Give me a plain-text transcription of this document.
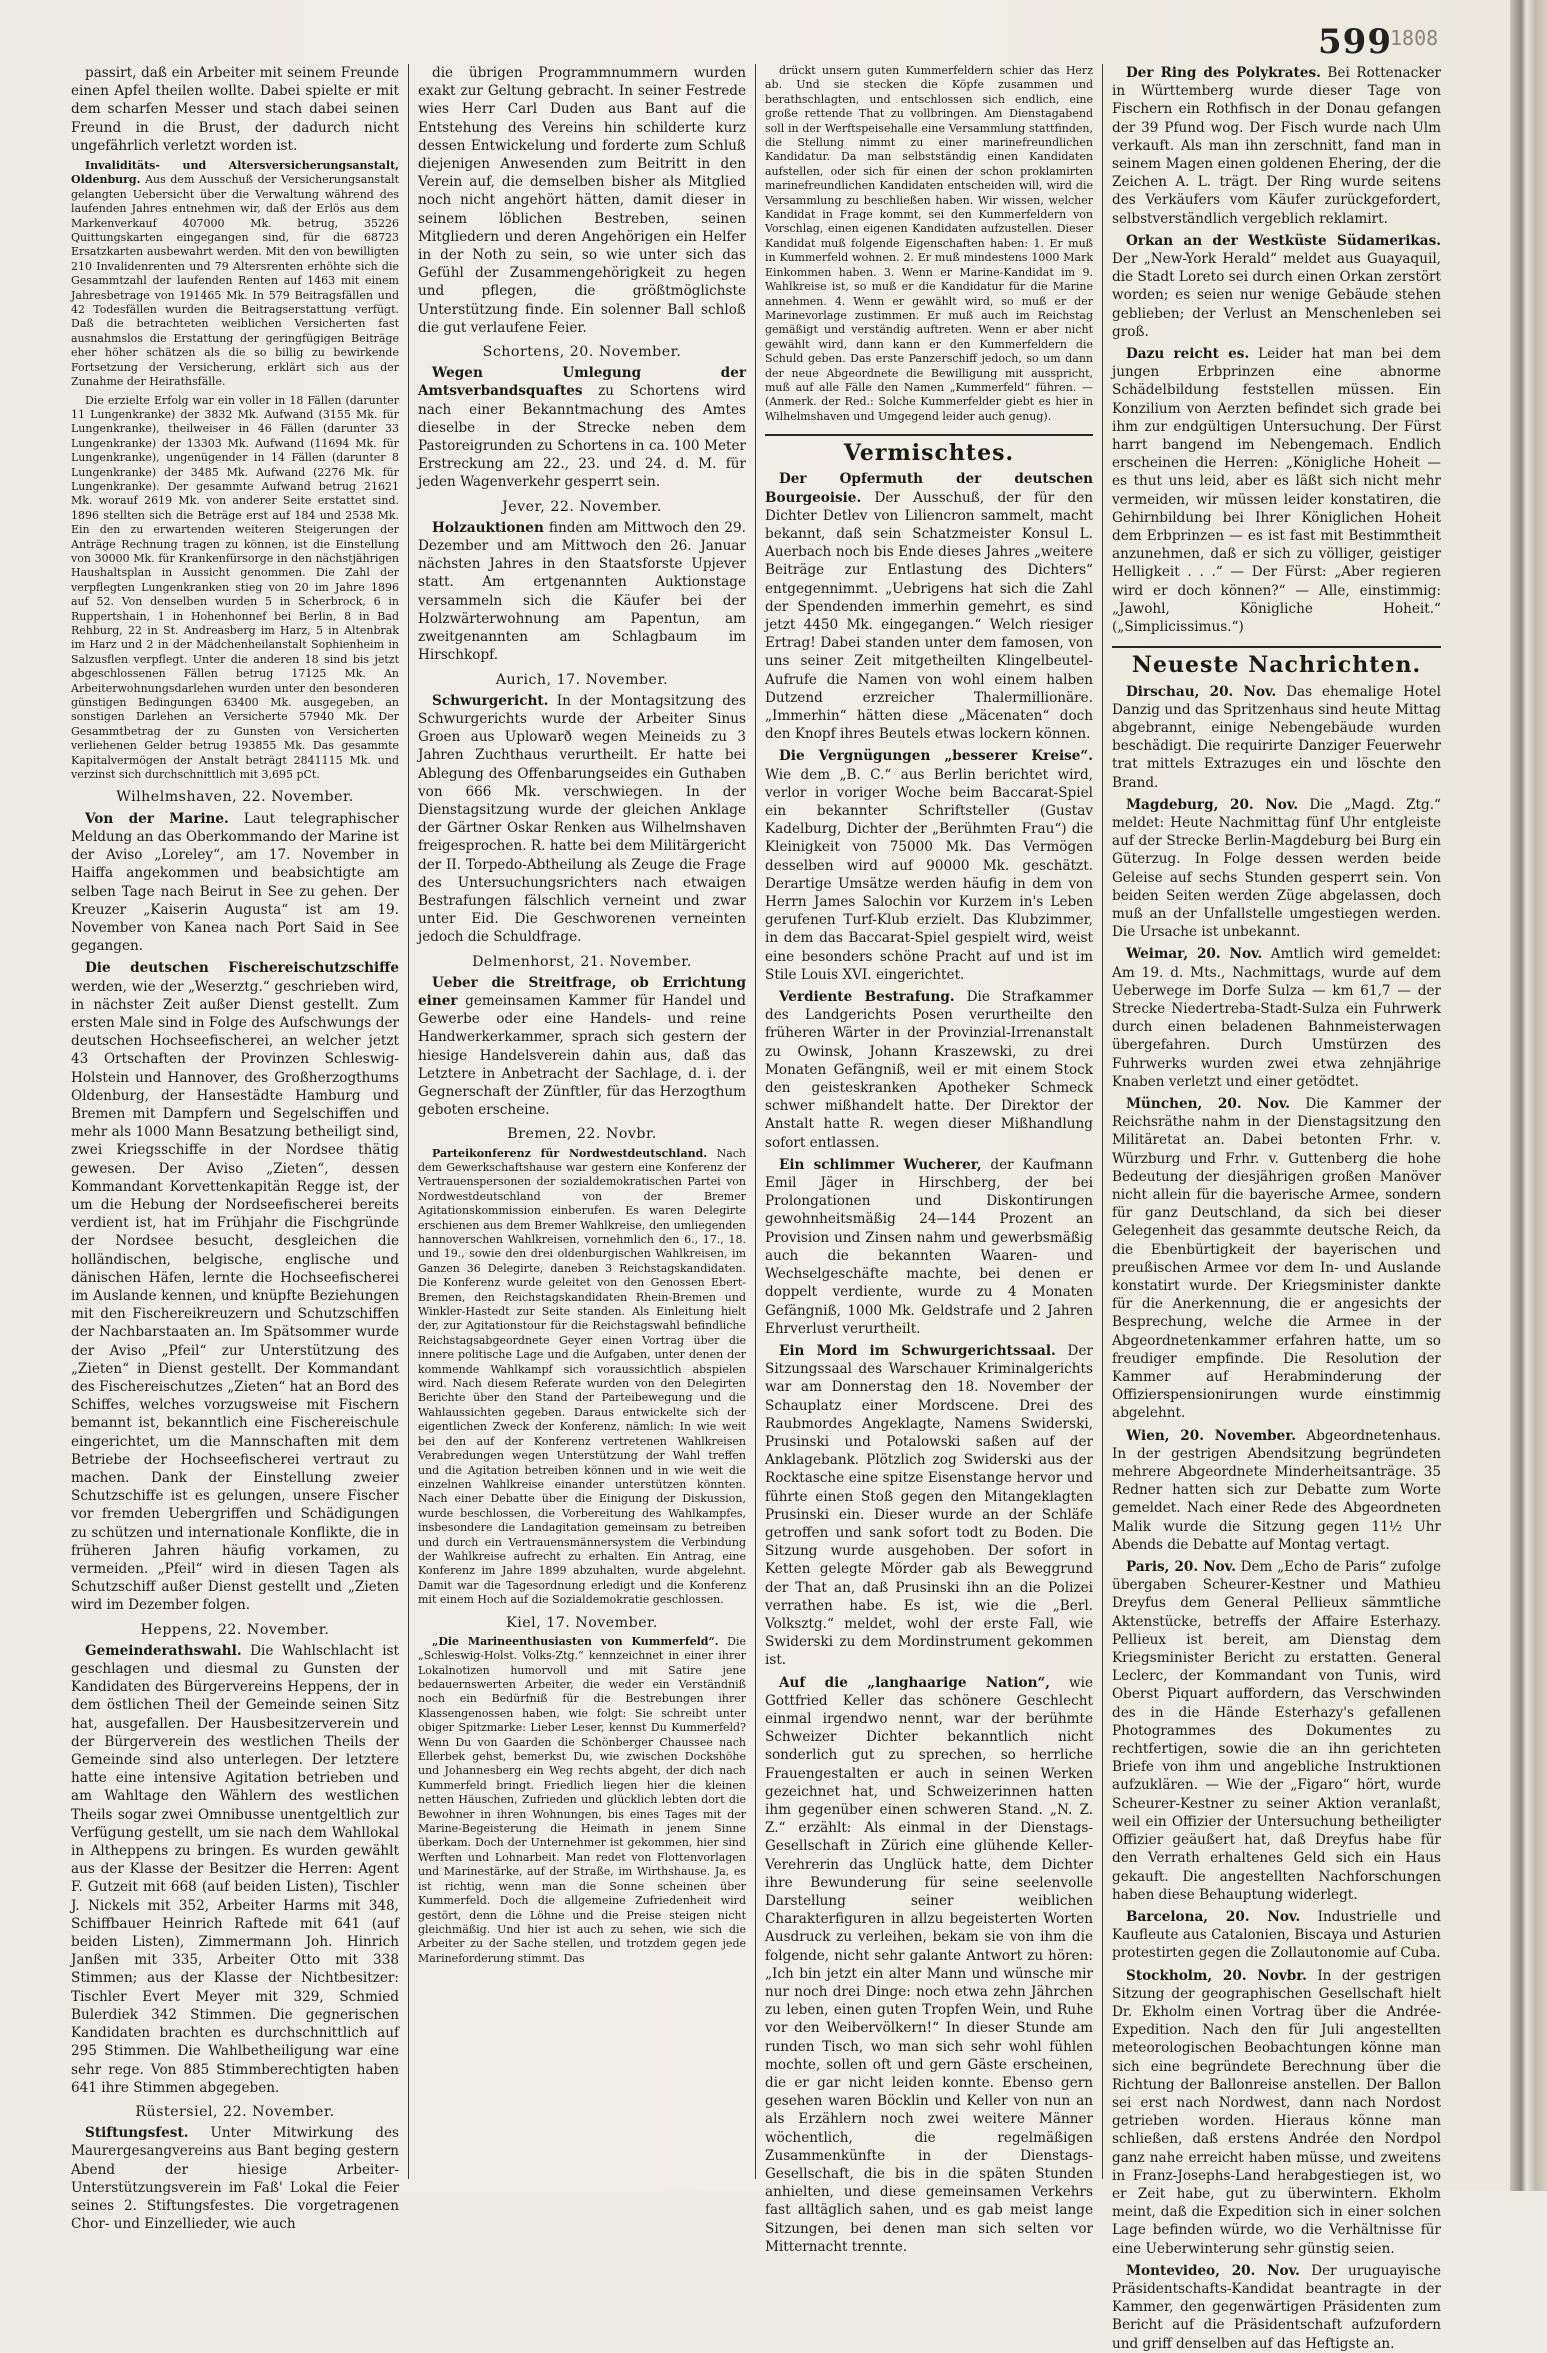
599
1808

passirt, daß ein Arbeiter mit seinem Freunde einen Apfel theilen wollte. Dabei spielte er mit dem scharfen Messer und stach dabei seinen Freund in die Brust, der dadurch nicht ungefährlich verletzt worden ist.

Invaliditäts- und Altersversicherungsanstalt, Oldenburg. Aus dem Ausschuß der Versicherungsanstalt gelangten Uebersicht über die Verwaltung während des laufenden Jahres entnehmen wir, daß der Erlös aus dem Markenverkauf 407000 Mk. betrug, 35226 Quittungskarten eingegangen sind, für die 68723 Ersatzkarten ausbewahrt werden. Mit den von bewilligten 210 Invalidenrenten und 79 Altersrenten erhöhte sich die Gesammtzahl der laufenden Renten auf 1463 mit einem Jahresbetrage von 191465 Mk. In 579 Beitragsfällen und 42 Todesfällen wurden die Beitragserstattung verfügt. Daß die betrachteten weiblichen Versicherten fast ausnahmslos die Erstattung der geringfügigen Beiträge eher höher schätzen als die so billig zu bewirkende Fortsetzung der Versicherung, erklärt sich aus der Zunahme der Heirathsfälle.

Die erzielte Erfolg war ein voller in 18 Fällen (darunter 11 Lungenkranke) der 3832 Mk. Aufwand (3155 Mk. für Lungenkranke), theilweiser in 46 Fällen (darunter 33 Lungenkranke) der 13303 Mk. Aufwand (11694 Mk. für Lungenkranke), ungenügender in 14 Fällen (darunter 8 Lungenkranke) der 3485 Mk. Aufwand (2276 Mk. für Lungenkranke). Der gesammte Aufwand betrug 21621 Mk. worauf 2619 Mk. von anderer Seite erstattet sind. 1896 stellten sich die Beträge erst auf 184 und 2538 Mk. Ein den zu erwartenden weiteren Steigerungen der Anträge Rechnung tragen zu können, ist die Einstellung von 30000 Mk. für Krankenfürsorge in den nächstjährigen Haushaltsplan in Aussicht genommen. Die Zahl der verpflegten Lungenkranken stieg von 20 im Jahre 1896 auf 52. Von denselben wurden 5 in Scherbrock, 6 in Ruppertshain, 1 in Hohenhonnef bei Berlin, 8 in Bad Rehburg, 22 in St. Andreasberg im Harz, 5 in Altenbrak im Harz und 2 in der Mädchenheilanstalt Sophienheim in Salzusflen verpflegt. Unter die anderen 18 sind bis jetzt abgeschlossenen Fällen betrug 17125 Mk. An Arbeiterwohnungsdarlehen wurden unter den besonderen günstigen Bedingungen 63400 Mk. ausgegeben, an sonstigen Darlehen an Versicherte 57940 Mk. Der Gesammtbetrag der zu Gunsten von Versicherten verliehenen Gelder betrug 193855 Mk. Das gesammte Kapitalvermögen der Anstalt beträgt 2841115 Mk. und verzinst sich durchschnittlich mit 3,695 pCt.

Wilhelmshaven, 22. November.

Von der Marine. Laut telegraphischer Meldung an das Oberkommando der Marine ist der Aviso „Loreley“, am 17. November in Haiffa angekommen und beabsichtigte am selben Tage nach Beirut in See zu gehen. Der Kreuzer „Kaiserin Augusta“ ist am 19. November von Kanea nach Port Said in See gegangen.

Die deutschen Fischereischutzschiffe werden, wie der „Weserztg.“ geschrieben wird, in nächster Zeit außer Dienst gestellt. Zum ersten Male sind in Folge des Aufschwungs der deutschen Hochseefischerei, an welcher jetzt 43 Ortschaften der Provinzen Schleswig-Holstein und Hannover, des Großherzogthums Oldenburg, der Hansestädte Hamburg und Bremen mit Dampfern und Segelschiffen und mehr als 1000 Mann Besatzung betheiligt sind, zwei Kriegsschiffe in der Nordsee thätig gewesen. Der Aviso „Zieten“, dessen Kommandant Korvettenkapitän Regge ist, der um die Hebung der Nordseefischerei bereits verdient ist, hat im Frühjahr die Fischgründe der Nordsee besucht, desgleichen die holländischen, belgische, englische und dänischen Häfen, lernte die Hochseefischerei im Auslande kennen, und knüpfte Beziehungen mit den Fischereikreuzern und Schutzschiffen der Nachbarstaaten an. Im Spätsommer wurde der Aviso „Pfeil“ zur Unterstützung des „Zieten“ in Dienst gestellt. Der Kommandant des Fischereischutzes „Zieten“ hat an Bord des Schiffes, welches vorzugsweise mit Fischern bemannt ist, bekanntlich eine Fischereischule eingerichtet, um die Mannschaften mit dem Betriebe der Hochseefischerei vertraut zu machen. Dank der Einstellung zweier Schutzschiffe ist es gelungen, unsere Fischer vor fremden Uebergriffen und Schädigungen zu schützen und internationale Konflikte, die in früheren Jahren häufig vorkamen, zu vermeiden. „Pfeil“ wird in diesen Tagen als Schutzschiff außer Dienst gestellt und „Zieten wird im Dezember folgen.

Heppens, 22. November.

Gemeinderathswahl. Die Wahlschlacht ist geschlagen und diesmal zu Gunsten der Kandidaten des Bürgervereins Heppens, der in dem östlichen Theil der Gemeinde seinen Sitz hat, ausgefallen. Der Hausbesitzerverein und der Bürgerverein des westlichen Theils der Gemeinde sind also unterlegen. Der letztere hatte eine intensive Agitation betrieben und am Wahltage den Wählern des westlichen Theils sogar zwei Omnibusse unentgeltlich zur Verfügung gestellt, um sie nach dem Wahllokal in Altheppens zu bringen. Es wurden gewählt aus der Klasse der Besitzer die Herren: Agent F. Gutzeit mit 668 (auf beiden Listen), Tischler J. Nickels mit 352, Arbeiter Harms mit 348, Schiffbauer Heinrich Raftede mit 641 (auf beiden Listen), Zimmermann Joh. Hinrich Janßen mit 335, Arbeiter Otto mit 338 Stimmen; aus der Klasse der Nichtbesitzer: Tischler Evert Meyer mit 329, Schmied Bulerdiek 342 Stimmen. Die gegnerischen Kandidaten brachten es durchschnittlich auf 295 Stimmen. Die Wahlbetheiligung war eine sehr rege. Von 885 Stimmberechtigten haben 641 ihre Stimmen abgegeben.

Rüstersiel, 22. November.

Stiftungsfest. Unter Mitwirkung des Maurergesangvereins aus Bant beging gestern Abend der hiesige Arbeiter-Unterstützungsverein im Faß' Lokal die Feier seines 2. Stiftungsfestes. Die vorgetragenen Chor- und Einzellieder, wie auch

die übrigen Programmnummern wurden exakt zur Geltung gebracht. In seiner Festrede wies Herr Carl Duden aus Bant auf die Entstehung des Vereins hin schilderte kurz dessen Entwickelung und forderte zum Schluß diejenigen Anwesenden zum Beitritt in den Verein auf, die demselben bisher als Mitglied noch nicht angehört hätten, damit dieser in seinem löblichen Bestreben, seinen Mitgliedern und deren Angehörigen ein Helfer in der Noth zu sein, so wie unter sich das Gefühl der Zusammengehörigkeit zu hegen und pflegen, die größtmöglichste Unterstützung finde. Ein solenner Ball schloß die gut verlaufene Feier.

Schortens, 20. November.

Wegen Umlegung der Amtsverbandsquaftes zu Schortens wird nach einer Bekanntmachung des Amtes dieselbe in der Strecke neben dem Pastoreigrunden zu Schortens in ca. 100 Meter Erstreckung am 22., 23. und 24. d. M. für jeden Wagenverkehr gesperrt sein.

Jever, 22. November.

Holzauktionen finden am Mittwoch den 29. Dezember und am Mittwoch den 26. Januar nächsten Jahres in den Staatsforste Upjever statt. Am ertgenannten Auktionstage versammeln sich die Käufer bei der Holzwärterwohnung am Papentun, am zweitgenannten am Schlagbaum im Hirschkopf.

Aurich, 17. November.

Schwurgericht. In der Montagsitzung des Schwurgerichts wurde der Arbeiter Sinus Groen aus Uplowarð wegen Meineids zu 3 Jahren Zuchthaus verurtheilt. Er hatte bei Ablegung des Offenbarungseides ein Guthaben von 666 Mk. verschwiegen. In der Dienstagsitzung wurde der gleichen Anklage der Gärtner Oskar Renken aus Wilhelmshaven freigesprochen. R. hatte bei dem Militärgericht der II. Torpedo-Abtheilung als Zeuge die Frage des Untersuchungsrichters nach etwaigen Bestrafungen fälschlich verneint und zwar unter Eid. Die Geschworenen verneinten jedoch die Schuldfrage.

Delmenhorst, 21. November.

Ueber die Streitfrage, ob Errichtung einer gemeinsamen Kammer für Handel und Gewerbe oder eine Handels- und reine Handwerkerkammer, sprach sich gestern der hiesige Handelsverein dahin aus, daß das Letztere in Anbetracht der Sachlage, d. i. der Gegnerschaft der Zünftler, für das Herzogthum geboten erscheine.

Bremen, 22. Novbr.

Parteikonferenz für Nordwestdeutschland. Nach dem Gewerkschaftshause war gestern eine Konferenz der Vertrauenspersonen der sozialdemokratischen Partei von Nordwestdeutschland von der Bremer Agitationskommission einberufen. Es waren Delegirte erschienen aus dem Bremer Wahlkreise, den umliegenden hannoverschen Wahlkreisen, vornehmlich den 6., 17., 18. und 19., sowie den drei oldenburgischen Wahlkreisen, im Ganzen 36 Delegirte, daneben 3 Reichstagskandidaten. Die Konferenz wurde geleitet von den Genossen Ebert-Bremen, den Reichstagskandidaten Rhein-Bremen und Winkler-Hastedt zur Seite standen. Als Einleitung hielt der, zur Agitationstour für die Reichstagswahl befindliche Reichstagsabgeordnete Geyer einen Vortrag über die innere politische Lage und die Aufgaben, unter denen der kommende Wahlkampf sich voraussichtlich abspielen wird. Nach diesem Referate wurden von den Delegirten Berichte über den Stand der Parteibewegung und die Wahlaussichten gegeben. Daraus entwickelte sich der eigentlichen Zweck der Konferenz, nämlich: In wie weit bei den auf der Konferenz vertretenen Wahlkreisen Verabredungen wegen Unterstützung der Wahl treffen und die Agitation betreiben können und in wie weit die einzelnen Wahlkreise einander unterstützen könnten. Nach einer Debatte über die Einigung der Diskussion, wurde beschlossen, die Vorbereitung des Wahlkampfes, insbesondere die Landagitation gemeinsam zu betreiben und durch ein Vertrauensmännersystem die Verbindung der Wahlkreise aufrecht zu erhalten. Ein Antrag, eine Konferenz im Jahre 1899 abzuhalten, wurde abgelehnt. Damit war die Tagesordnung erledigt und die Konferenz mit einem Hoch auf die Sozialdemokratie geschlossen.

Kiel, 17. November.

„Die Marineenthusiasten von Kummerfeld“. Die „Schleswig-Holst. Volks-Ztg.“ kennzeichnet in einer ihrer Lokalnotizen humorvoll und mit Satire jene bedauernswerten Arbeiter, die weder ein Verständniß noch ein Bedürfniß für die Bestrebungen ihrer Klassengenossen haben, wie folgt: Sie schreibt unter obiger Spitzmarke: Lieber Leser, kennst Du Kummerfeld? Wenn Du von Gaarden die Schönberger Chaussee nach Ellerbek gehst, bemerkst Du, wie zwischen Dockshöhe und Johannesberg ein Weg rechts abgeht, der dich nach Kummerfeld bringt. Friedlich liegen hier die kleinen netten Häuschen, Zufrieden und glücklich lebten dort die Bewohner in ihren Wohnungen, bis eines Tages mit der Marine-Begeisterung die Heimath in jenem Sinne überkam. Doch der Unternehmer ist gekommen, hier sind Werften und Lohnarbeit. Man redet von Flottenvorlagen und Marinestärke, auf der Straße, im Wirthshause. Ja, es ist richtig, wenn man die Sonne scheinen über Kummerfeld. Doch die allgemeine Zufriedenheit wird gestört, denn die Löhne und die Preise steigen nicht gleichmäßig. Und hier ist auch zu sehen, wie sich die Arbeiter zu der Sache stellen, und trotzdem gegen jede Marineforderung stimmt. Das

drückt unsern guten Kummerfeldern schier das Herz ab. Und sie stecken die Köpfe zusammen und berathschlagten, und entschlossen sich endlich, eine große rettende That zu vollbringen. Am Dienstagabend soll in der Werftspeisehalle eine Versammlung stattfinden, die Stellung nimmt zu einer marinefreundlichen Kandidatur. Da man selbstständig einen Kandidaten aufstellen, oder sich für einen der schon proklamirten marinefreundlichen Kandidaten entscheiden will, wird die Versammlung zu beschließen haben. Wir wissen, welcher Kandidat in Frage kommt, sei den Kummerfeldern von Vorschlag, einen eigenen Kandidaten aufzustellen. Dieser Kandidat muß folgende Eigenschaften haben: 1. Er muß in Kummerfeld wohnen. 2. Er muß mindestens 1000 Mark Einkommen haben. 3. Wenn er Marine-Kandidat im 9. Wahlkreise ist, so muß er die Kandidatur für die Marine annehmen. 4. Wenn er gewählt wird, so muß er der Marinevorlage zustimmen. Er muß auch im Reichstag gemäßigt und verständig auftreten. Wenn er aber nicht gewählt wird, dann kann er den Kummerfeldern die Schuld geben. Das erste Panzerschiff jedoch, so um dann der neue Abgeordnete die Bewilligung mit ausspricht, muß auf alle Fälle den Namen „Kummerfeld“ führen. — (Anmerk. der Red.: Solche Kummerfelder giebt es hier in Wilhelmshaven und Umgegend leider auch genug).

Vermischtes.

Der Opfermuth der deutschen Bourgeoisie. Der Ausschuß, der für den Dichter Detlev von Liliencron sammelt, macht bekannt, daß sein Schatzmeister Konsul L. Auerbach noch bis Ende dieses Jahres „weitere Beiträge zur Entlastung des Dichters“ entgegennimmt. „Uebrigens hat sich die Zahl der Spendenden immerhin gemehrt, es sind jetzt 4450 Mk. eingegangen.“ Welch riesiger Ertrag! Dabei standen unter dem famosen, von uns seiner Zeit mitgetheilten Klingelbeutel-Aufrufe die Namen von wohl einem halben Dutzend erzreicher Thalermillionäre. „Immerhin“ hätten diese „Mäcenaten“ doch den Knopf ihres Beutels etwas lockern können.

Die Vergnügungen „besserer Kreise“. Wie dem „B. C.“ aus Berlin berichtet wird, verlor in voriger Woche beim Baccarat-Spiel ein bekannter Schriftsteller (Gustav Kadelburg, Dichter der „Berühmten Frau“) die Kleinigkeit von 75000 Mk. Das Vermögen desselben wird auf 90000 Mk. geschätzt. Derartige Umsätze werden häufig in dem von Herrn James Salochin vor Kurzem in's Leben gerufenen Turf-Klub erzielt. Das Klubzimmer, in dem das Baccarat-Spiel gespielt wird, weist eine besonders schöne Pracht auf und ist im Stile Louis XVI. eingerichtet.

Verdiente Bestrafung. Die Strafkammer des Landgerichts Posen verurtheilte den früheren Wärter in der Provinzial-Irrenanstalt zu Owinsk, Johann Kraszewski, zu drei Monaten Gefängniß, weil er mit einem Stock den geisteskranken Apotheker Schmeck schwer mißhandelt hatte. Der Direktor der Anstalt hatte R. wegen dieser Mißhandlung sofort entlassen.

Ein schlimmer Wucherer, der Kaufmann Emil Jäger in Hirschberg, der bei Prolongationen und Diskontirungen gewohnheitsmäßig 24—144 Prozent an Provision und Zinsen nahm und gewerbsmäßig auch die bekannten Waaren- und Wechselgeschäfte machte, bei denen er doppelt verdiente, wurde zu 4 Monaten Gefängniß, 1000 Mk. Geldstrafe und 2 Jahren Ehrverlust verurtheilt.

Ein Mord im Schwurgerichtssaal. Der Sitzungssaal des Warschauer Kriminalgerichts war am Donnerstag den 18. November der Schauplatz einer Mordscene. Drei des Raubmordes Angeklagte, Namens Swiderski, Prusinski und Potalowski saßen auf der Anklagebank. Plötzlich zog Swiderski aus der Rocktasche eine spitze Eisenstange hervor und führte einen Stoß gegen den Mitangeklagten Prusinski ein. Dieser wurde an der Schläfe getroffen und sank sofort todt zu Boden. Die Sitzung wurde ausgehoben. Der sofort in Ketten gelegte Mörder gab als Beweggrund der That an, daß Prusinski ihn an die Polizei verrathen habe. Es ist, wie die „Berl. Volksztg.“ meldet, wohl der erste Fall, wie Swiderski zu dem Mordinstrument gekommen ist.

Auf die „langhaarige Nation“, wie Gottfried Keller das schönere Geschlecht einmal irgendwo nennt, war der berühmte Schweizer Dichter bekanntlich nicht sonderlich gut zu sprechen, so herrliche Frauengestalten er auch in seinen Werken gezeichnet hat, und Schweizerinnen hatten ihm gegenüber einen schweren Stand. „N. Z. Z.“ erzählt: Als einmal in der Dienstags-Gesellschaft in Zürich eine glühende Keller-Verehrerin das Unglück hatte, dem Dichter ihre Bewunderung für seine seelenvolle Darstellung seiner weiblichen Charakterfiguren in allzu begeisterten Worten Ausdruck zu verleihen, bekam sie von ihm die folgende, nicht sehr galante Antwort zu hören: „Ich bin jetzt ein alter Mann und wünsche mir nur noch drei Dinge: noch etwa zehn Jährchen zu leben, einen guten Tropfen Wein, und Ruhe vor den Weibervölkern!“ In dieser Stunde am runden Tisch, wo man sich sehr wohl fühlen mochte, sollen oft und gern Gäste erscheinen, die er gar nicht leiden konnte. Ebenso gern gesehen waren Böcklin und Keller von nun an als Erzählern noch zwei weitere Männer wöchentlich, die regelmäßigen Zusammenkünfte in der Dienstags-Gesellschaft, die bis in die späten Stunden anhielten, und diese gemeinsamen Verkehrs fast alltäglich sahen, und es gab meist lange Sitzungen, bei denen man sich selten vor Mitternacht trennte.

Der Ring des Polykrates. Bei Rottenacker in Württemberg wurde dieser Tage von Fischern ein Rothfisch in der Donau gefangen der 39 Pfund wog. Der Fisch wurde nach Ulm verkauft. Als man ihn zerschnitt, fand man in seinem Magen einen goldenen Ehering, der die Zeichen A. L. trägt. Der Ring wurde seitens des Verkäufers vom Käufer zurückgefordert, selbstverständlich vergeblich reklamirt.

Orkan an der Westküste Südamerikas. Der „New-York Herald“ meldet aus Guayaquil, die Stadt Loreto sei durch einen Orkan zerstört worden; es seien nur wenige Gebäude stehen geblieben; der Verlust an Menschenleben sei groß.

Dazu reicht es. Leider hat man bei dem jungen Erbprinzen eine abnorme Schädelbildung feststellen müssen. Ein Konzilium von Aerzten befindet sich grade bei ihm zur endgültigen Untersuchung. Der Fürst harrt bangend im Nebengemach. Endlich erscheinen die Herren: „Königliche Hoheit — es thut uns leid, aber es läßt sich nicht mehr vermeiden, wir müssen leider konstatiren, die Gehirnbildung bei Ihrer Königlichen Hoheit dem Erbprinzen — es ist fast mit Bestimmtheit anzunehmen, daß er sich zu völliger, geistiger Helligkeit . . .“ — Der Fürst: „Aber regieren wird er doch können?“ — Alle, einstimmig: „Jawohl, Königliche Hoheit.“ („Simplicissimus.“)

Neueste Nachrichten.

Dirschau, 20. Nov. Das ehemalige Hotel Danzig und das Spritzenhaus sind heute Mittag abgebrannt, einige Nebengebäude wurden beschädigt. Die requirirte Danziger Feuerwehr trat mittels Extrazuges ein und löschte den Brand.

Magdeburg, 20. Nov. Die „Magd. Ztg.“ meldet: Heute Nachmittag fünf Uhr entgleiste auf der Strecke Berlin-Magdeburg bei Burg ein Güterzug. In Folge dessen werden beide Geleise auf sechs Stunden gesperrt sein. Von beiden Seiten werden Züge abgelassen, doch muß an der Unfallstelle umgestiegen werden. Die Ursache ist unbekannt.

Weimar, 20. Nov. Amtlich wird gemeldet: Am 19. d. Mts., Nachmittags, wurde auf dem Ueberwege im Dorfe Sulza — km 61,7 — der Strecke Niedertreba-Stadt-Sulza ein Fuhrwerk durch einen beladenen Bahnmeisterwagen übergefahren. Durch Umstürzen des Fuhrwerks wurden zwei etwa zehnjährige Knaben verletzt und einer getödtet.

München, 20. Nov. Die Kammer der Reichsräthe nahm in der Dienstagsitzung den Militäretat an. Dabei betonten Frhr. v. Würzburg und Frhr. v. Guttenberg die hohe Bedeutung der diesjährigen großen Manöver nicht allein für die bayerische Armee, sondern für ganz Deutschland, da sich bei dieser Gelegenheit das gesammte deutsche Reich, da die Ebenbürtigkeit der bayerischen und preußischen Armee vor dem In- und Auslande konstatirt wurde. Der Kriegsminister dankte für die Anerkennung, die er angesichts der Besprechung, welche die Armee in der Abgeordnetenkammer erfahren hatte, um so freudiger empfinde. Die Resolution der Kammer auf Herabminderung der Offizierspensionirungen wurde einstimmig abgelehnt.

Wien, 20. November. Abgeordnetenhaus. In der gestrigen Abendsitzung begründeten mehrere Abgeordnete Minderheitsanträge. 35 Redner hatten sich zur Debatte zum Worte gemeldet. Nach einer Rede des Abgeordneten Malik wurde die Sitzung gegen 11½ Uhr Abends die Debatte auf Montag vertagt.

Paris, 20. Nov. Dem „Echo de Paris“ zufolge übergaben Scheurer-Kestner und Mathieu Dreyfus dem General Pellieux sämmtliche Aktenstücke, betreffs der Affaire Esterhazy. Pellieux ist bereit, am Dienstag dem Kriegsminister Bericht zu erstatten. General Leclerc, der Kommandant von Tunis, wird Oberst Piquart auffordern, das Verschwinden des in die Hände Esterhazy's gefallenen Photogrammes des Dokumentes zu rechtfertigen, sowie die an ihn gerichteten Briefe von ihm und angebliche Instruktionen aufzuklären. — Wie der „Figaro“ hört, wurde Scheurer-Kestner zu seiner Aktion veranlaßt, weil ein Offizier der Untersuchung betheiligter Offizier geäußert hat, daß Dreyfus habe für den Verrath erhaltenes Geld sich ein Haus gekauft. Die angestellten Nachforschungen haben diese Behauptung widerlegt.

Barcelona, 20. Nov. Industrielle und Kaufleute aus Catalonien, Biscaya und Asturien protestirten gegen die Zollautonomie auf Cuba.

Stockholm, 20. Novbr. In der gestrigen Sitzung der geographischen Gesellschaft hielt Dr. Ekholm einen Vortrag über die Andrée-Expedition. Nach den für Juli angestellten meteorologischen Beobachtungen könne man sich eine begründete Berechnung über die Richtung der Ballonreise anstellen. Der Ballon sei erst nach Nordwest, dann nach Nordost getrieben worden. Hieraus könne man schließen, daß erstens Andrée den Nordpol ganz nahe erreicht haben müsse, und zweitens in Franz-Josephs-Land herabgestiegen ist, wo er Zeit habe, gut zu überwintern. Ekholm meint, daß die Expedition sich in einer solchen Lage befinden würde, wo die Verhältnisse für eine Ueberwinterung sehr günstig seien.

Montevideo, 20. Nov. Der uruguayische Präsidentschafts-Kandidat beantragte in der Kammer, den gegenwärtigen Präsidenten zum Bericht auf die Präsidentschaft aufzufordern und griff denselben auf das Heftigste an.
